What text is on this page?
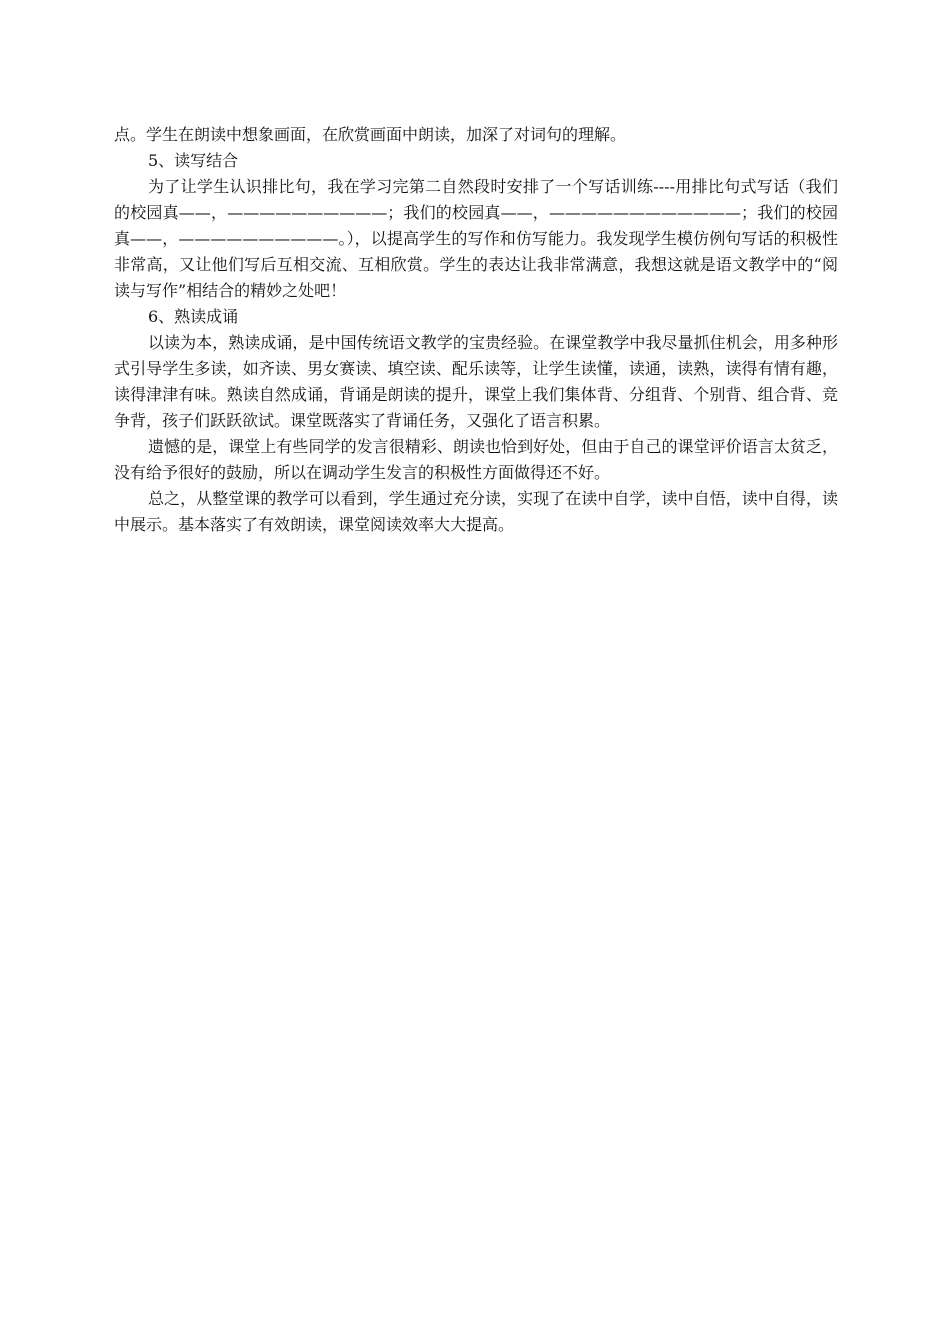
点。学生在朗读中想象画面，在欣赏画面中朗读，加深了对词句的理解。

5、读写结合

为了让学生认识排比句，我在学习完第二自然段时安排了一个写话训练----用排比句式写话（我们的校园真——，——————————；我们的校园真——，————————————；我们的校园真——，——————————。），以提高学生的写作和仿写能力。我发现学生模仿例句写话的积极性非常高，又让他们写后互相交流、互相欣赏。学生的表达让我非常满意，我想这就是语文教学中的“阅读与写作”相结合的精妙之处吧！

6、熟读成诵

以读为本，熟读成诵，是中国传统语文教学的宝贵经验。在课堂教学中我尽量抓住机会，用多种形式引导学生多读，如齐读、男女赛读、填空读、配乐读等，让学生读懂，读通，读熟，读得有情有趣，读得津津有味。熟读自然成诵，背诵是朗读的提升，课堂上我们集体背、分组背、个别背、组合背、竞争背，孩子们跃跃欲试。课堂既落实了背诵任务，又强化了语言积累。

遗憾的是，课堂上有些同学的发言很精彩、朗读也恰到好处，但由于自己的课堂评价语言太贫乏，没有给予很好的鼓励，所以在调动学生发言的积极性方面做得还不好。

总之，从整堂课的教学可以看到，学生通过充分读，实现了在读中自学，读中自悟，读中自得，读中展示。基本落实了有效朗读，课堂阅读效率大大提高。
